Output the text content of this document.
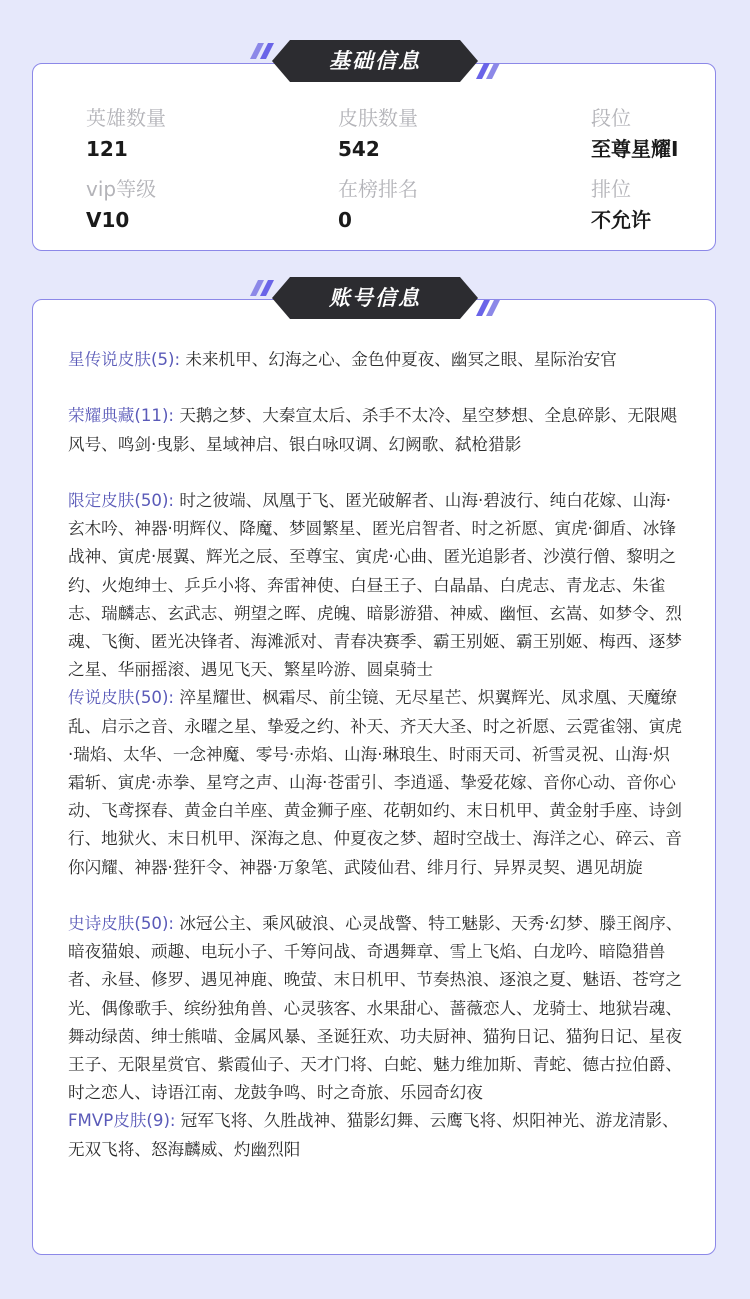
英雄数量
121
皮肤数量
542
段位
至尊星耀I
vip等级
V10
在榜排名
0
排位
不允许
基础信息

星传说皮肤(5): 未来机甲、幻海之心、金色仲夏夜、幽冥之眼、星际治安官

荣耀典藏(11): 天鹅之梦、大秦宣太后、杀手不太冷、星空梦想、全息碎影、无限飓风号、鸣剑·曳影、星域神启、银白咏叹调、幻阙歌、弑枪猎影

限定皮肤(50): 时之彼端、凤凰于飞、匿光破解者、山海·碧波行、纯白花嫁、山海·玄木吟、神器·明辉仪、降魔、梦圆繁星、匿光启智者、时之祈愿、寅虎·御盾、冰锋战神、寅虎·展翼、辉光之辰、至尊宝、寅虎·心曲、匿光追影者、沙漠行僧、黎明之约、火炮绅士、乒乒小将、奔雷神使、白昼王子、白晶晶、白虎志、青龙志、朱雀志、瑞麟志、玄武志、朔望之晖、虎魄、暗影游猎、神威、幽恒、玄嵩、如梦令、烈魂、飞衡、匿光决锋者、海滩派对、青春决赛季、霸王别姬、霸王别姬、梅西、逐梦之星、华丽摇滚、遇见飞天、繁星吟游、圆桌骑士

传说皮肤(50): 淬星耀世、枫霜尽、前尘镜、无尽星芒、炽翼辉光、凤求凰、天魔缭乱、启示之音、永曜之星、挚爱之约、补天、齐天大圣、时之祈愿、云霓雀翎、寅虎·瑞焰、太华、一念神魔、零号·赤焰、山海·琳琅生、时雨天司、祈雪灵祝、山海·炽霜斩、寅虎·赤拳、星穹之声、山海·苍雷引、李逍遥、挚爱花嫁、音你心动、音你心动、飞鸢探春、黄金白羊座、黄金狮子座、花朝如约、末日机甲、黄金射手座、诗剑行、地狱火、末日机甲、深海之息、仲夏夜之梦、超时空战士、海洋之心、碎云、音你闪耀、神器·狴犴令、神器·万象笔、武陵仙君、绯月行、异界灵契、遇见胡旋

史诗皮肤(50): 冰冠公主、乘风破浪、心灵战警、特工魅影、天秀·幻梦、滕王阁序、暗夜猫娘、顽趣、电玩小子、千筹问战、奇遇舞章、雪上飞焰、白龙吟、暗隐猎兽者、永昼、修罗、遇见神鹿、晚萤、末日机甲、节奏热浪、逐浪之夏、魅语、苍穹之光、偶像歌手、缤纷独角兽、心灵骇客、水果甜心、蔷薇恋人、龙骑士、地狱岩魂、舞动绿茵、绅士熊喵、金属风暴、圣诞狂欢、功夫厨神、猫狗日记、猫狗日记、星夜王子、无限星赏官、紫霞仙子、天才门将、白蛇、魅力维加斯、青蛇、德古拉伯爵、时之恋人、诗语江南、龙鼓争鸣、时之奇旅、乐园奇幻夜

FMVP皮肤(9): 冠军飞将、久胜战神、猫影幻舞、云鹰飞将、炽阳神光、游龙清影、无双飞将、怒海麟威、灼幽烈阳

账号信息
